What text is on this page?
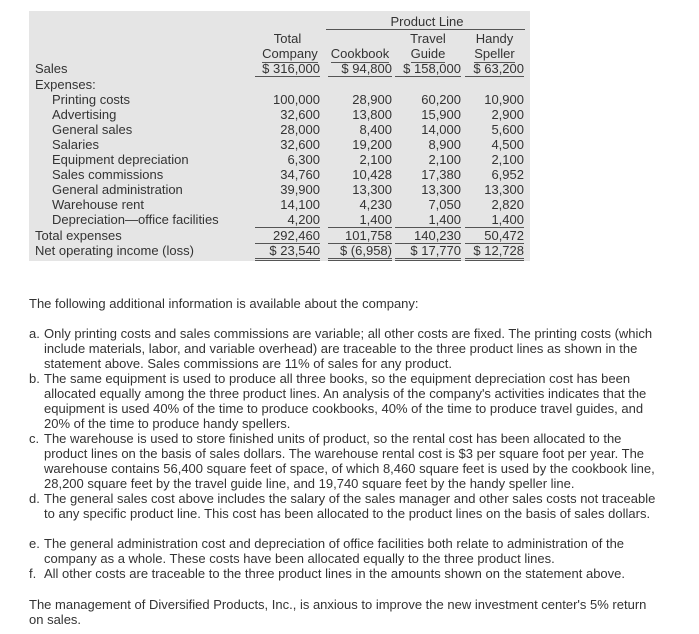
Product Line
Total
Company Cookbook
Travel
Guide
Handy
Speller
Sales	$ 316,000	$ 94,800 $ 158,000 $ 63,200
Expenses:
Printing costs	100,000	28,900	60,200	10,900
Advertising	32,600	13,800	15,900	2,900
General sales	28,000	8,400	14,000	5,600
Salaries	32,600	19,200	8,900	4,500
Equipment depreciation	6,300	2,100	2,100	2,100
Sales commissions	34,760	10,428	17,380	6,952
General administration	39,900	13,300	13,300	13,300
Warehouse rent	14,100	4,230	7,050	2,820
Depreciation—office facilities	4,200	1,400	1,400	1,400
Total expenses	292,460	101,758	140,230	50,472
Net operating income (loss)	$ 23,540	$ (6,958)	$ 17,770 $ 12,728
The following additional information is available about the company:
a. Only printing costs and sales commissions are variable; all other costs are fixed. The printing costs (which include materials, labor, and variable overhead) are traceable to the three product lines as shown in the statement above. Sales commissions are 11% of sales for any product.
b. The same equipment is used to produce all three books, so the equipment depreciation cost has been allocated equally among the three product lines. An analysis of the company's activities indicates that the equipment is used 40% of the time to produce cookbooks, 40% of the time to produce travel guides, and 20% of the time to produce handy spellers.
c. The warehouse is used to store finished units of product, so the rental cost has been allocated to the product lines on the basis of sales dollars. The warehouse rental cost is $3 per square foot per year. The warehouse contains 56,400 square feet of space, of which 8,460 square feet is used by the cookbook line, 28,200 square feet by the travel guide line, and 19,740 square feet by the handy speller line.
d. The general sales cost above includes the salary of the sales manager and other sales costs not traceable to any specific product line. This cost has been allocated to the product lines on the basis of sales dollars.
e. The general administration cost and depreciation of office facilities both relate to administration of the company as a whole. These costs have been allocated equally to the three product lines.
f. All other costs are traceable to the three product lines in the amounts shown on the statement above.
The management of Diversified Products, Inc., is anxious to improve the new investment center's 5% return on sales.
